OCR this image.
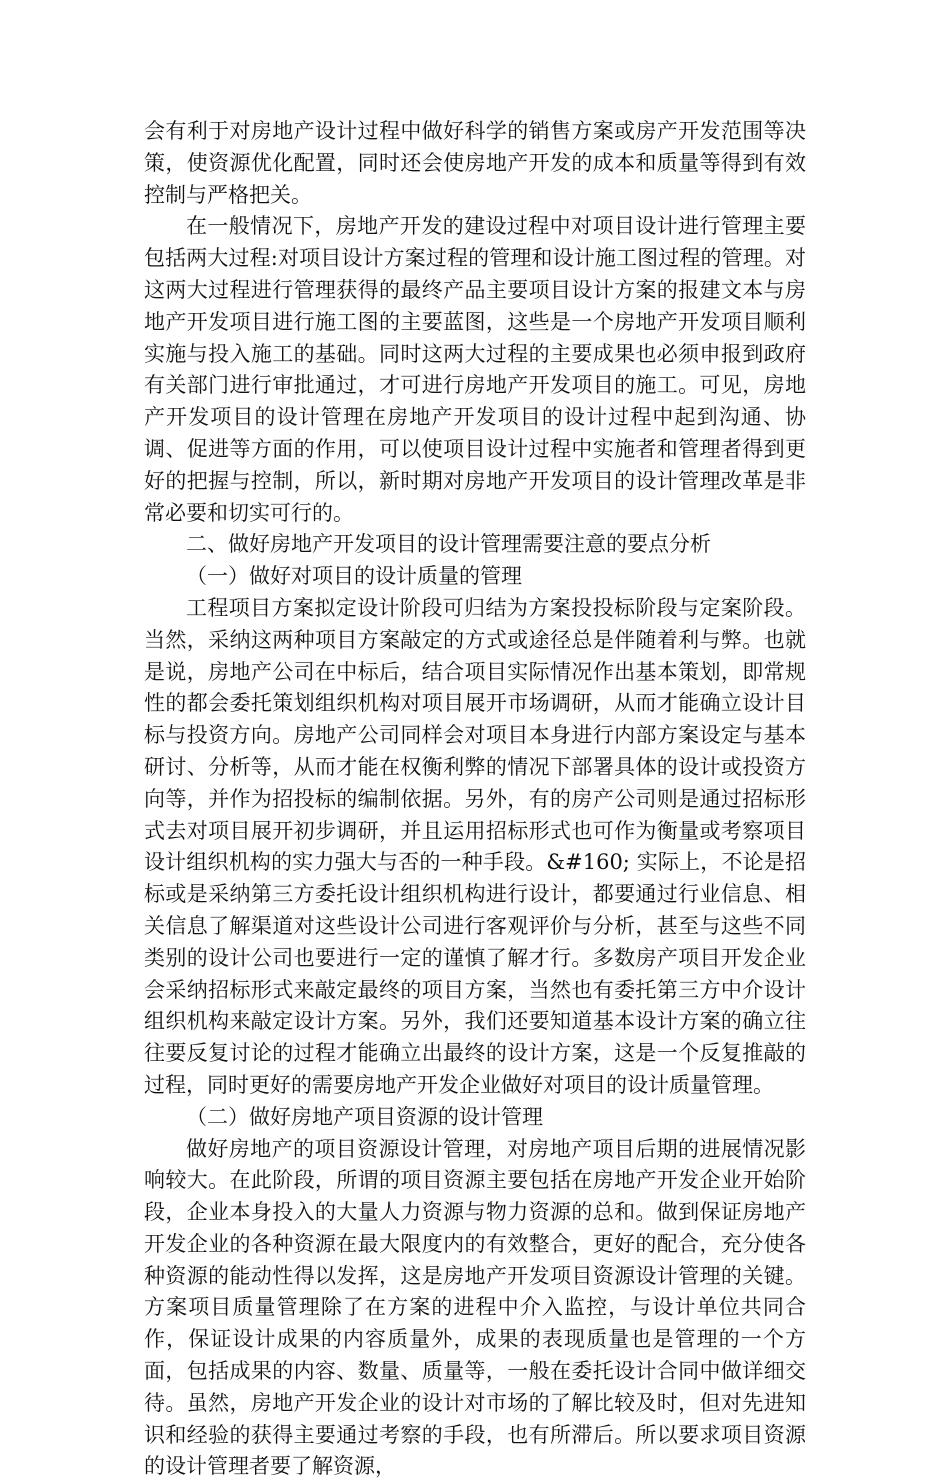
会有利于对房地产设计过程中做好科学的销售方案或房产开发范围等决策，使资源优化配置，同时还会使房地产开发的成本和质量等得到有效控制与严格把关。

在一般情况下，房地产开发的建设过程中对项目设计进行管理主要包括两大过程:对项目设计方案过程的管理和设计施工图过程的管理。对这两大过程进行管理获得的最终产品主要项目设计方案的报建文本与房地产开发项目进行施工图的主要蓝图，这些是一个房地产开发项目顺利实施与投入施工的基础。同时这两大过程的主要成果也必须申报到政府有关部门进行审批通过，才可进行房地产开发项目的施工。可见，房地产开发项目的设计管理在房地产开发项目的设计过程中起到沟通、协调、促进等方面的作用，可以使项目设计过程中实施者和管理者得到更好的把握与控制，所以，新时期对房地产开发项目的设计管理改革是非常必要和切实可行的。

二、做好房地产开发项目的设计管理需要注意的要点分析

（一）做好对项目的设计质量的管理

工程项目方案拟定设计阶段可归结为方案投投标阶段与定案阶段。当然，采纳这两种项目方案敲定的方式或途径总是伴随着利与弊。也就是说，房地产公司在中标后，结合项目实际情况作出基本策划，即常规性的都会委托策划组织机构对项目展开市场调研，从而才能确立设计目标与投资方向。房地产公司同样会对项目本身进行内部方案设定与基本研讨、分析等，从而才能在权衡利弊的情况下部署具体的设计或投资方向等，并作为招投标的编制依据。另外，有的房产公司则是通过招标形式去对项目展开初步调研，并且运用招标形式也可作为衡量或考察项目设计组织机构的实力强大与否的一种手段。&#160; 实际上，不论是招标或是采纳第三方委托设计组织机构进行设计，都要通过行业信息、相关信息了解渠道对这些设计公司进行客观评价与分析，甚至与这些不同类别的设计公司也要进行一定的谨慎了解才行。多数房产项目开发企业会采纳招标形式来敲定最终的项目方案，当然也有委托第三方中介设计组织机构来敲定设计方案。另外，我们还要知道基本设计方案的确立往往要反复讨论的过程才能确立出最终的设计方案，这是一个反复推敲的过程，同时更好的需要房地产开发企业做好对项目的设计质量管理。

（二）做好房地产项目资源的设计管理

做好房地产的项目资源设计管理，对房地产项目后期的进展情况影响较大。在此阶段，所谓的项目资源主要包括在房地产开发企业开始阶段，企业本身投入的大量人力资源与物力资源的总和。做到保证房地产开发企业的各种资源在最大限度内的有效整合，更好的配合，充分使各种资源的能动性得以发挥，这是房地产开发项目资源设计管理的关键。方案项目质量管理除了在方案的进程中介入监控，与设计单位共同合作，保证设计成果的内容质量外，成果的表现质量也是管理的一个方面，包括成果的内容、数量、质量等，一般在委托设计合同中做详细交待。虽然，房地产开发企业的设计对市场的了解比较及时，但对先进知识和经验的获得主要通过考察的手段，也有所滞后。所以要求项目资源的设计管理者要了解资源，
